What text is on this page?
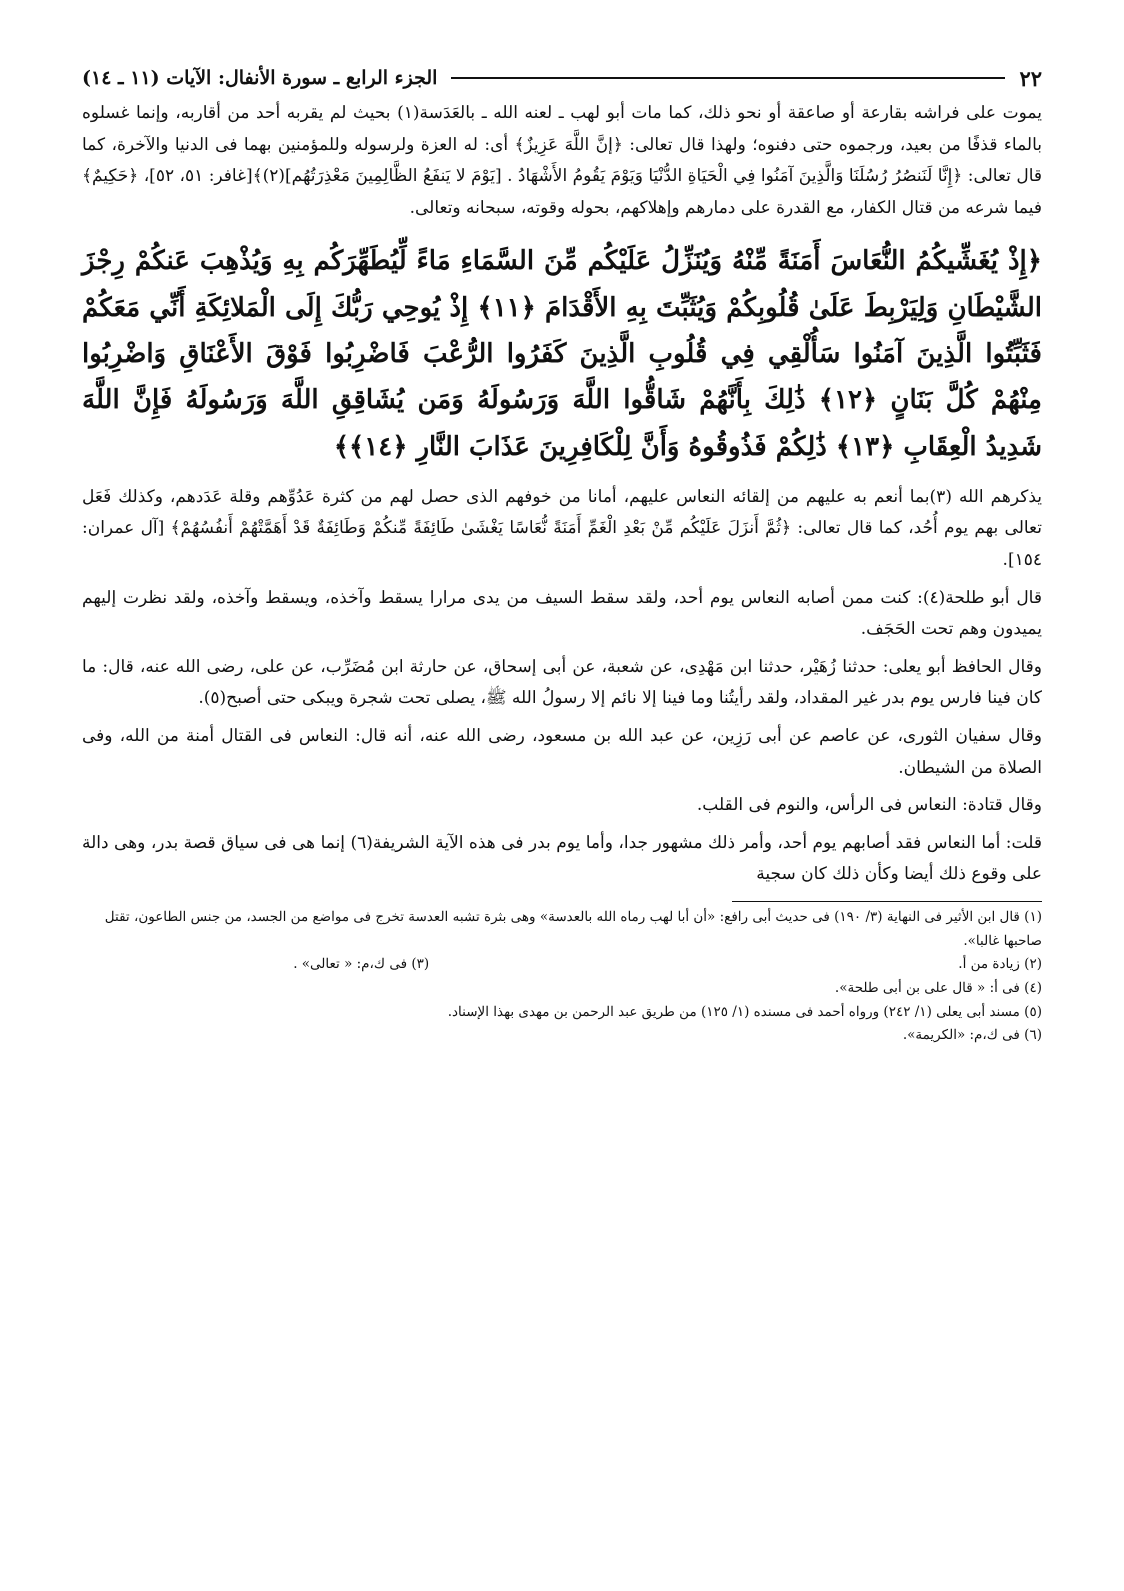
٢٢
الجزء الرابع ـ سورة الأنفال: الآيات (١١ ـ ١٤)

يموت على فراشه بقارعة أو صاعقة أو نحو ذلك، كما مات أبو لهب ـ لعنه الله ـ بالعَدَسة(١) بحيث لم يقربه أحد من أقاربه، وإنما غسلوه بالماء قذفًا من بعيد، ورجموه حتى دفنوه؛ ولهذا قال تعالى: ﴿إنَّ اللَّهَ عَزِيزٌ﴾ أى: له العزة ولرسوله وللمؤمنين بهما فى الدنيا والآخرة، كما قال تعالى: ﴿إِنَّا لَنَنصُرُ رُسُلَنَا وَالَّذِينَ آمَنُوا فِي الْحَيَاةِ الدُّنْيَا وَيَوْمَ يَقُومُ الأَشْهَادُ . [يَوْمَ لا يَنفَعُ الظَّالِمِينَ مَعْذِرَتُهُم](٢)﴾[غافر: ٥١، ٥٢]، ﴿حَكِيمٌ﴾ فيما شرعه من قتال الكفار، مع القدرة على دمارهم وإهلاكهم، بحوله وقوته، سبحانه وتعالى.

﴿إِذْ يُغَشِّيكُمُ النُّعَاسَ أَمَنَةً مِّنْهُ وَيُنَزِّلُ عَلَيْكُم مِّنَ السَّمَاءِ مَاءً لِّيُطَهِّرَكُم بِهِ وَيُذْهِبَ عَنكُمْ رِجْزَ الشَّيْطَانِ وَلِيَرْبِطَ عَلَىٰ قُلُوبِكُمْ وَيُثَبِّتَ بِهِ الأَقْدَامَ ﴿١١﴾ إِذْ يُوحِي رَبُّكَ إِلَى الْمَلائِكَةِ أَنِّي مَعَكُمْ فَثَبِّتُوا الَّذِينَ آمَنُوا سَأُلْقِي فِي قُلُوبِ الَّذِينَ كَفَرُوا الرُّعْبَ فَاضْرِبُوا فَوْقَ الأَعْنَاقِ وَاضْرِبُوا مِنْهُمْ كُلَّ بَنَانٍ ﴿١٢﴾ ذَٰلِكَ بِأَنَّهُمْ شَاقُّوا اللَّهَ وَرَسُولَهُ وَمَن يُشَاقِقِ اللَّهَ وَرَسُولَهُ فَإِنَّ اللَّهَ شَدِيدُ الْعِقَابِ ﴿١٣﴾ ذَٰلِكُمْ فَذُوقُوهُ وَأَنَّ لِلْكَافِرِينَ عَذَابَ النَّارِ ﴿١٤﴾﴾

يذكرهم الله (٣)بما أنعم به عليهم من إلقائه النعاس عليهم، أمانا من خوفهم الذى حصل لهم من كثرة عَدُوِّهم وقلة عَدَدهم، وكذلك فَعَل تعالى بهم يوم أُحُد، كما قال تعالى: ﴿ثُمَّ أَنزَلَ عَلَيْكُم مِّنْ بَعْدِ الْغَمِّ أَمَنَةً نُّعَاسًا يَغْشَىٰ طَائِفَةً مِّنكُمْ وَطَائِفَةٌ قَدْ أَهَمَّتْهُمْ أَنفُسُهُمْ﴾ [آل عمران: ١٥٤].

قال أبو طلحة(٤): كنت ممن أصابه النعاس يوم أحد، ولقد سقط السيف من يدى مرارا يسقط وآخذه، ويسقط وآخذه، ولقد نظرت إليهم يميدون وهم تحت الحَجَف.

وقال الحافظ أبو يعلى: حدثنا زُهَيْر، حدثنا ابن مَهْدِى، عن شعبة، عن أبى إسحاق، عن حارثة ابن مُضَرِّب، عن على، رضى الله عنه، قال: ما كان فينا فارس يوم بدر غير المقداد، ولقد رأيتُنا وما فينا إلا نائم إلا رسولُ الله ﷺ، يصلى تحت شجرة ويبكى حتى أصبح(٥).

وقال سفيان الثورى، عن عاصم عن أبى رَزِين، عن عبد الله بن مسعود، رضى الله عنه، أنه قال: النعاس فى القتال أمنة من الله، وفى الصلاة من الشيطان.

وقال قتادة: النعاس فى الرأس، والنوم فى القلب.

قلت: أما النعاس فقد أصابهم يوم أحد، وأمر ذلك مشهور جدا، وأما يوم بدر فى هذه الآية الشريفة(٦) إنما هى فى سياق قصة بدر، وهى دالة على وقوع ذلك أيضا وكأن ذلك كان سجية

(١) قال ابن الأثير فى النهاية (٣/ ١٩٠) فى حديث أبى رافع: «أن أبا لهب رماه الله بالعدسة» وهى بثرة تشبه العدسة تخرج فى مواضع من الجسد، من جنس الطاعون، تقتل صاحبها غالبا».
(٢) زيادة من أ.
(٣) فى ك،م: « تعالى» .
(٤) فى أ: « قال على بن أبى طلحة».
(٥) مسند أبى يعلى (١/ ٢٤٢) ورواه أحمد فى مسنده (١/ ١٢٥) من طريق عبد الرحمن بن مهدى بهذا الإسناد.
(٦) فى ك،م: «الكريمة».
